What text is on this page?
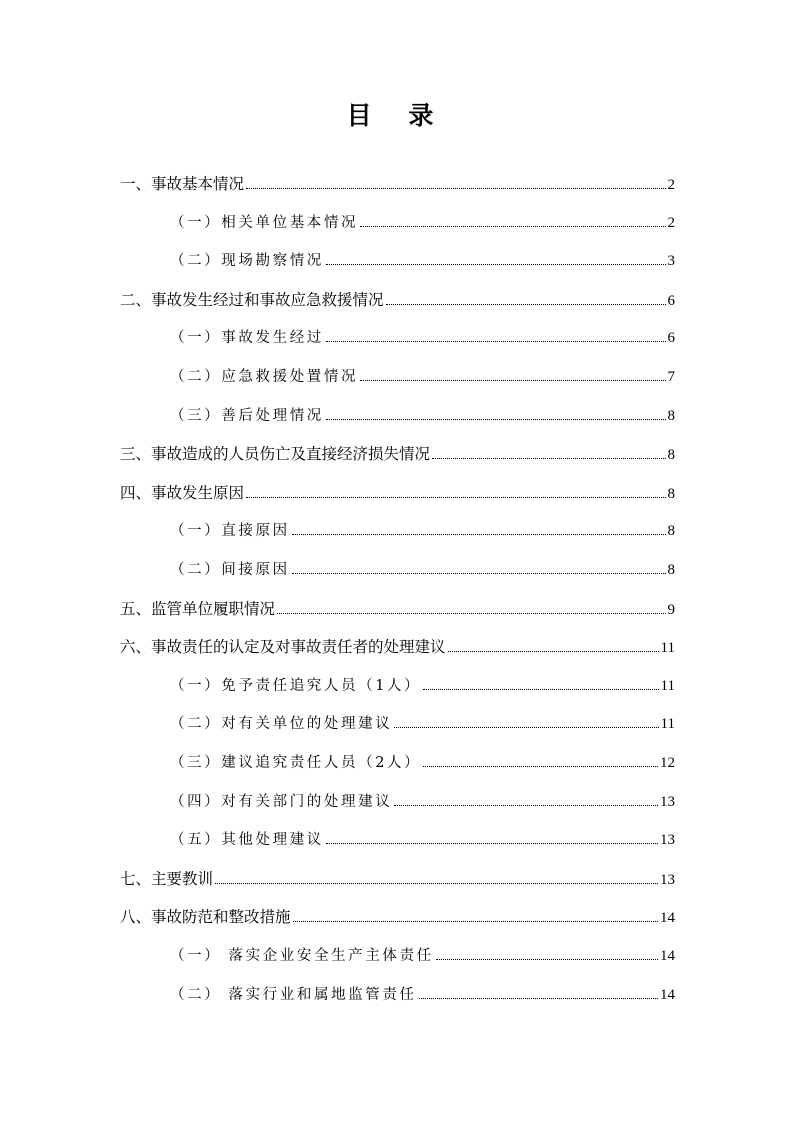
目 录
一、事故基本情况	2
（一）相关单位基本情况	2
（二）现场勘察情况	3
二、事故发生经过和事故应急救援情况	6
（一）事故发生经过	6
（二）应急救援处置情况	7
（三）善后处理情况	8
三、事故造成的人员伤亡及直接经济损失情况	8
四、事故发生原因	8
（一）直接原因	8
（二）间接原因	8
五、监管单位履职情况	9
六、事故责任的认定及对事故责任者的处理建议	11
（一）免予责任追究人员（1人）	11
（二）对有关单位的处理建议	11
（三）建议追究责任人员（2人）	12
（四）对有关部门的处理建议	13
（五）其他处理建议	13
七、主要教训	13
八、事故防范和整改措施	14
（一） 落实企业安全生产主体责任	14
（二） 落实行业和属地监管责任	14
